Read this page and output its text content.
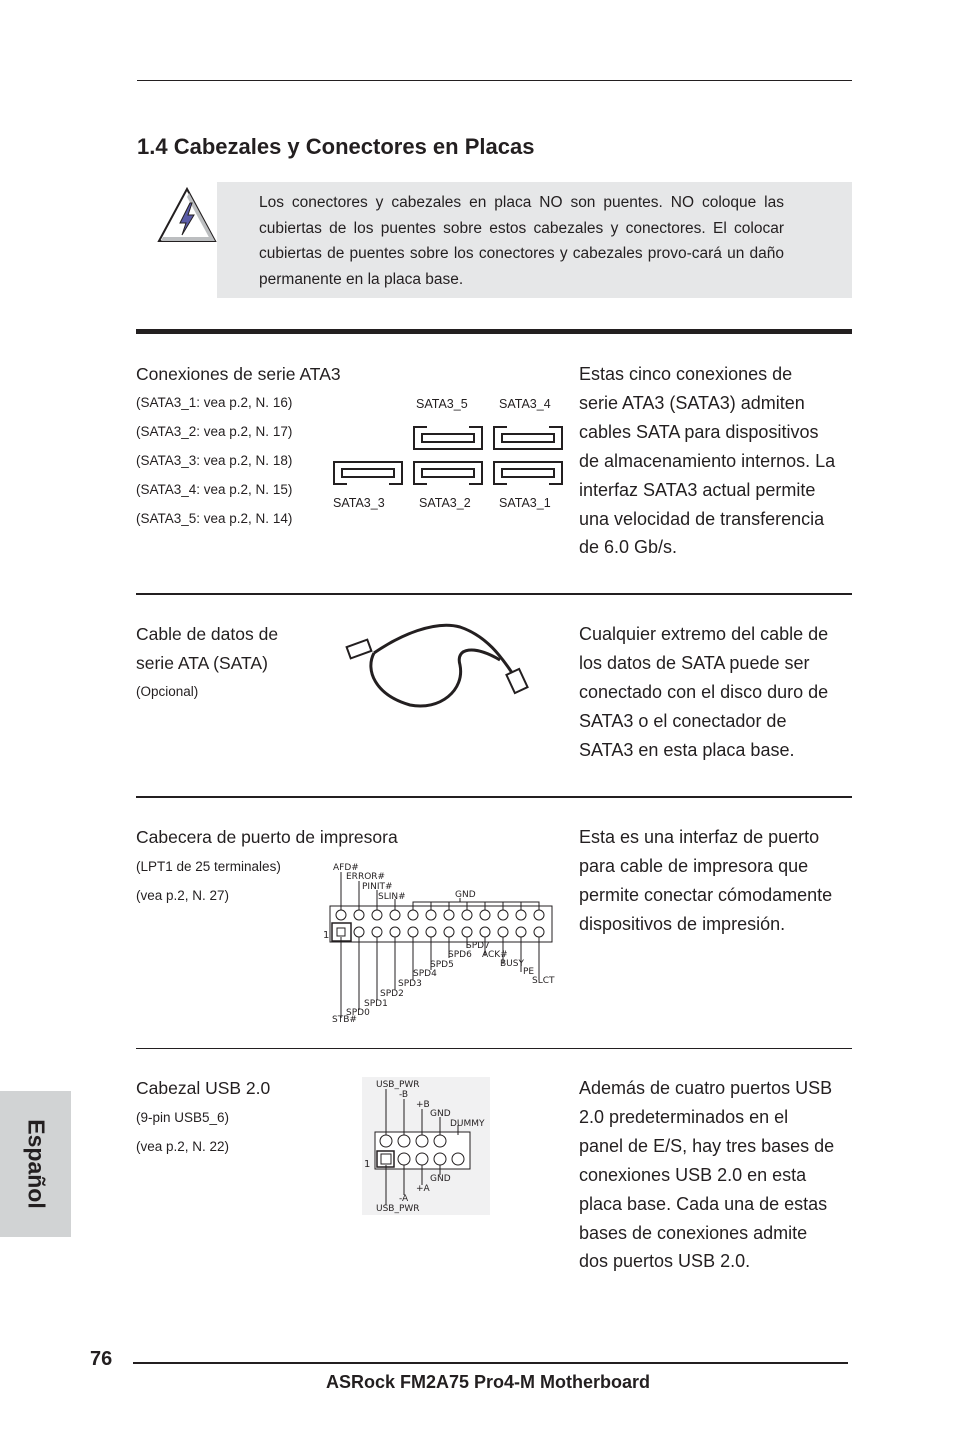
1.4 Cabezales y Conectores en Placas
Los conectores y cabezales en placa NO son puentes. NO coloque las cubiertas de los puentes sobre estos cabezales y conectores. El colocar cubiertas de puentes sobre los conectores y cabezales provo-cará un daño permanente en la placa base.
Conexiones de serie ATA3
(SATA3_1: vea p.2, N. 16)
(SATA3_2: vea p.2, N. 17)
(SATA3_3: vea p.2, N. 18)
(SATA3_4: vea p.2, N. 15)
(SATA3_5: vea p.2, N. 14)
SATA3_5	SATA3_4
SATA3_3	SATA3_2 SATA3_1
Estas cinco conexiones de
serie ATA3 (SATA3) admiten
cables SATA para dispositivos
de almacenamiento internos. La
interfaz SATA3 actual permite
una velocidad de transferencia
de 6.0 Gb/s.
Cable de datos de
serie ATA (SATA)
(Opcional)
Cualquier extremo del cable de
los datos de SATA puede ser
conectado con el disco duro de
SATA3 o el conectador de
SATA3 en esta placa base.
Cabecera de puerto de impresora
(LPT1 de 25 terminales)
(vea p.2, N. 27)
AFD#
ERROR#
PINIT#
SLIN#	GND
1
SPD7
SPD6 ACK#
BUSY
SPD5
PE
SPD4
SLCT
SPD3
SPD2
SPD1
SPD0
STB#
Esta es una interfaz de puerto
para cable de impresora que
permite conectar cómodamente
dispositivos de impresión.
Cabezal USB 2.0
(9-pin USB5_6)
(vea p.2, N. 22)
USB_PWR
-B
+B
GND
DUMMY
1
GND
+A
-A
USB_PWR
Además de cuatro puertos USB
2.0 predeterminados en el
panel de E/S, hay tres bases de
conexiones USB 2.0 en esta
placa base. Cada una de estas
bases de conexiones admite
dos puertos USB 2.0.
Español
76
ASRock FM2A75 Pro4-M Motherboard
